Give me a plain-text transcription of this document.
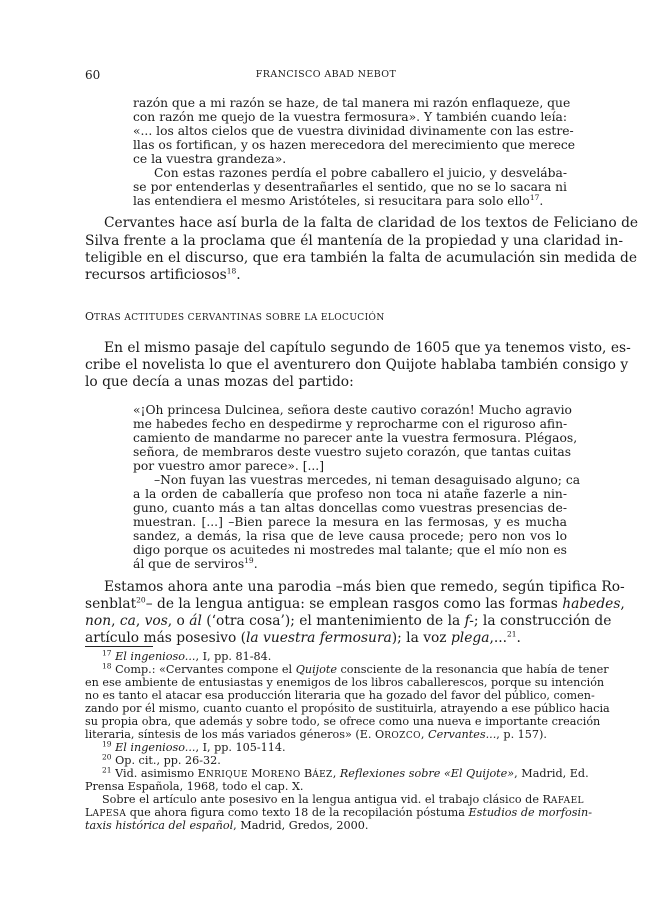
60	FRANCISCO ABAD NEBOT
razón que a mi razón se haze, de tal manera mi razón enflaqueze, que
con razón me quejo de la vuestra fermosura». Y también cuando leía:
«... los altos cielos que de vuestra divinidad divinamente con las estre-
llas os fortifican, y os hazen merecedora del merecimiento que merece
ce la vuestra grandeza».
Con estas razones perdía el pobre caballero el juicio, y desvelába-
se por entenderlas y desentrañarles el sentido, que no se lo sacara ni
las entendiera el mesmo Aristóteles, si resucitara para solo ello$^{17}$.
Cervantes hace así burla de la falta de claridad de los textos de Feliciano de
Silva frente a la proclama que él mantenía de la propiedad y una claridad in-
teligible en el discurso, que era también la falta de acumulación sin medida de
recursos artificiosos$^{18}$.
OTRAS ACTITUDES CERVANTINAS SOBRE LA ELOCUCIÓN
En el mismo pasaje del capítulo segundo de 1605 que ya tenemos visto, es-
cribe el novelista lo que el aventurero don Quijote hablaba también consigo y
lo que decía a unas mozas del partido:
«¡Oh princesa Dulcinea, señora deste cautivo corazón! Mucho agravio
me habedes fecho en despedirme y reprocharme con el riguroso afin-
camiento de mandarme no parecer ante la vuestra fermosura. Plégaos,
señora, de membraros deste vuestro sujeto corazón, que tantas cuitas
por vuestro amor parece». [...]
–Non fuyan las vuestras mercedes, ni teman desaguisado alguno; ca
a la orden de caballería que profeso non toca ni atañe fazerle a nin-
guno, cuanto más a tan altas doncellas como vuestras presencias de-
muestran. [...] –Bien parece la mesura en las fermosas, y es mucha
sandez, a demás, la risa que de leve causa procede; pero non vos lo
digo porque os acuitedes ni mostredes mal talante; que el mío non es
ál que de serviros$^{19}$.
Estamos ahora ante una parodia –más bien que remedo, según tipifica Ro-
senblat$^{20}$– de la lengua antigua: se emplean rasgos como las formas habedes,
non, ca, vos, o ál (‘otra cosa’); el mantenimiento de la f-; la construcción de
artículo más posesivo (la vuestra fermosura); la voz plega,...$^{21}$.
$^{17}$ El ingenioso..., I, pp. 81-84.
$^{18}$ Comp.: «Cervantes compone el Quijote consciente de la resonancia que había de tener
en ese ambiente de entusiastas y enemigos de los libros caballerescos, porque su intención
no es tanto el atacar esa producción literaria que ha gozado del favor del público, comen-
zando por él mismo, cuanto cuanto el propósito de sustituirla, atrayendo a ese público hacia
su propia obra, que además y sobre todo, se ofrece como una nueva e importante creación
literaria, síntesis de los más variados géneros» (E. OROZCO, Cervantes..., p. 157).
$^{19}$ El ingenioso..., I, pp. 105-114.
$^{20}$ Op. cit., pp. 26-32.
$^{21}$ Vid. asimismo ENRIQUE MORENO BÁEZ, Reflexiones sobre «El Quijote», Madrid, Ed.
Prensa Española, 1968, todo el cap. X.
Sobre el artículo ante posesivo en la lengua antigua vid. el trabajo clásico de RAFAEL
LAPESA que ahora figura como texto 18 de la recopilación póstuma Estudios de morfosin-
taxis histórica del español, Madrid, Gredos, 2000.
